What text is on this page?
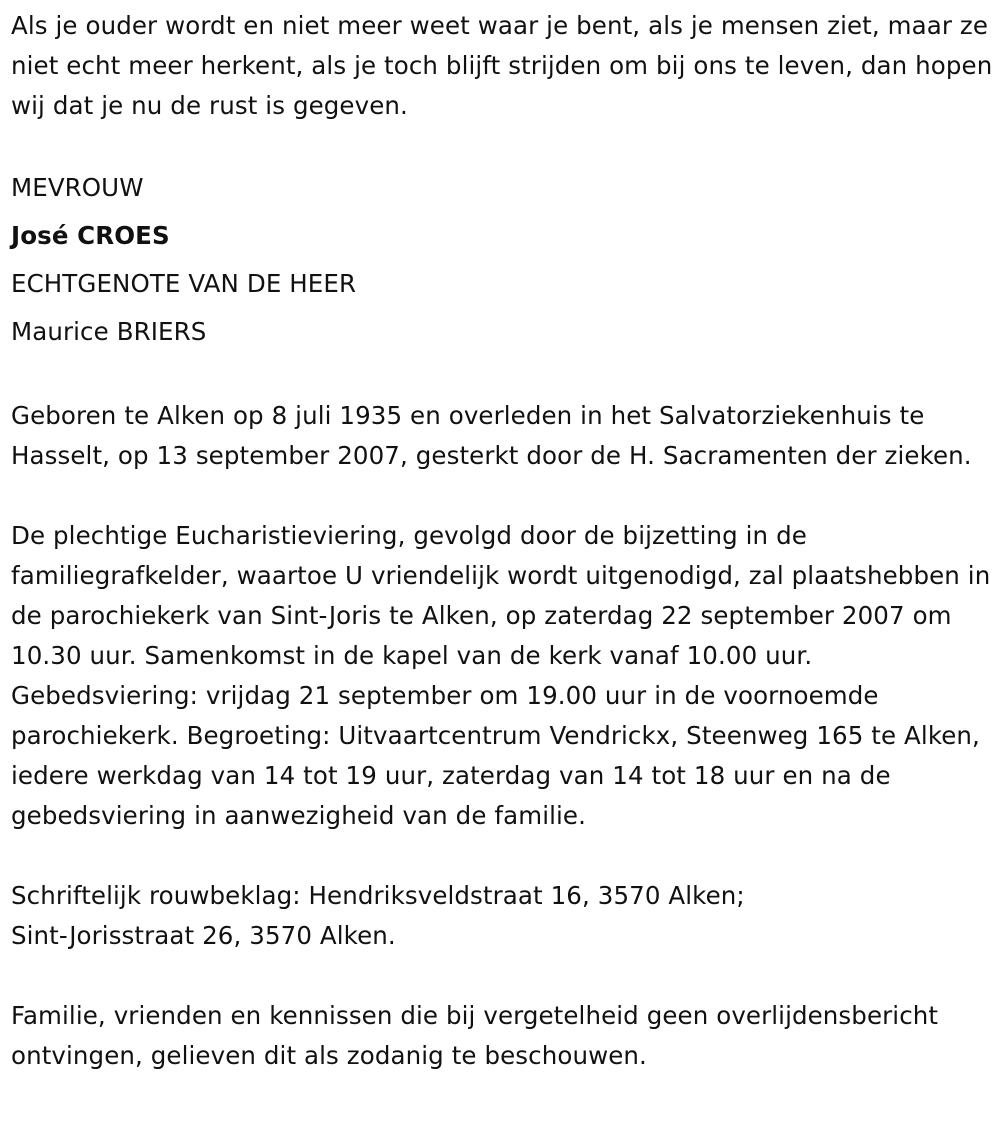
Als je ouder wordt en niet meer weet waar je bent, als je mensen ziet, maar ze niet echt meer herkent, als je toch blijft strijden om bij ons te leven, dan hopen wij dat je nu de rust is gegeven.

MEVROUW

José CROES

ECHTGENOTE VAN DE HEER

Maurice BRIERS

Geboren te Alken op 8 juli 1935 en overleden in het Salvatorziekenhuis te Hasselt, op 13 september 2007, gesterkt door de H. Sacramenten der zieken.

De plechtige Eucharistieviering, gevolgd door de bijzetting in de familiegrafkelder, waartoe U vriendelijk wordt uitgenodigd, zal plaatshebben in de parochiekerk van Sint-Joris te Alken, op zaterdag 22 september 2007 om 10.30 uur. Samenkomst in de kapel van de kerk vanaf 10.00 uur. Gebedsviering: vrijdag 21 september om 19.00 uur in de voornoemde parochiekerk. Begroeting: Uitvaartcentrum Vendrickx, Steenweg 165 te Alken, iedere werkdag van 14 tot 19 uur, zaterdag van 14 tot 18 uur en na de gebedsviering in aanwezigheid van de familie.

Schriftelijk rouwbeklag: Hendriksveldstraat 16, 3570 Alken;

Sint-Jorisstraat 26, 3570 Alken.

Familie, vrienden en kennissen die bij vergetelheid geen overlijdensbericht ontvingen, gelieven dit als zodanig te beschouwen.
